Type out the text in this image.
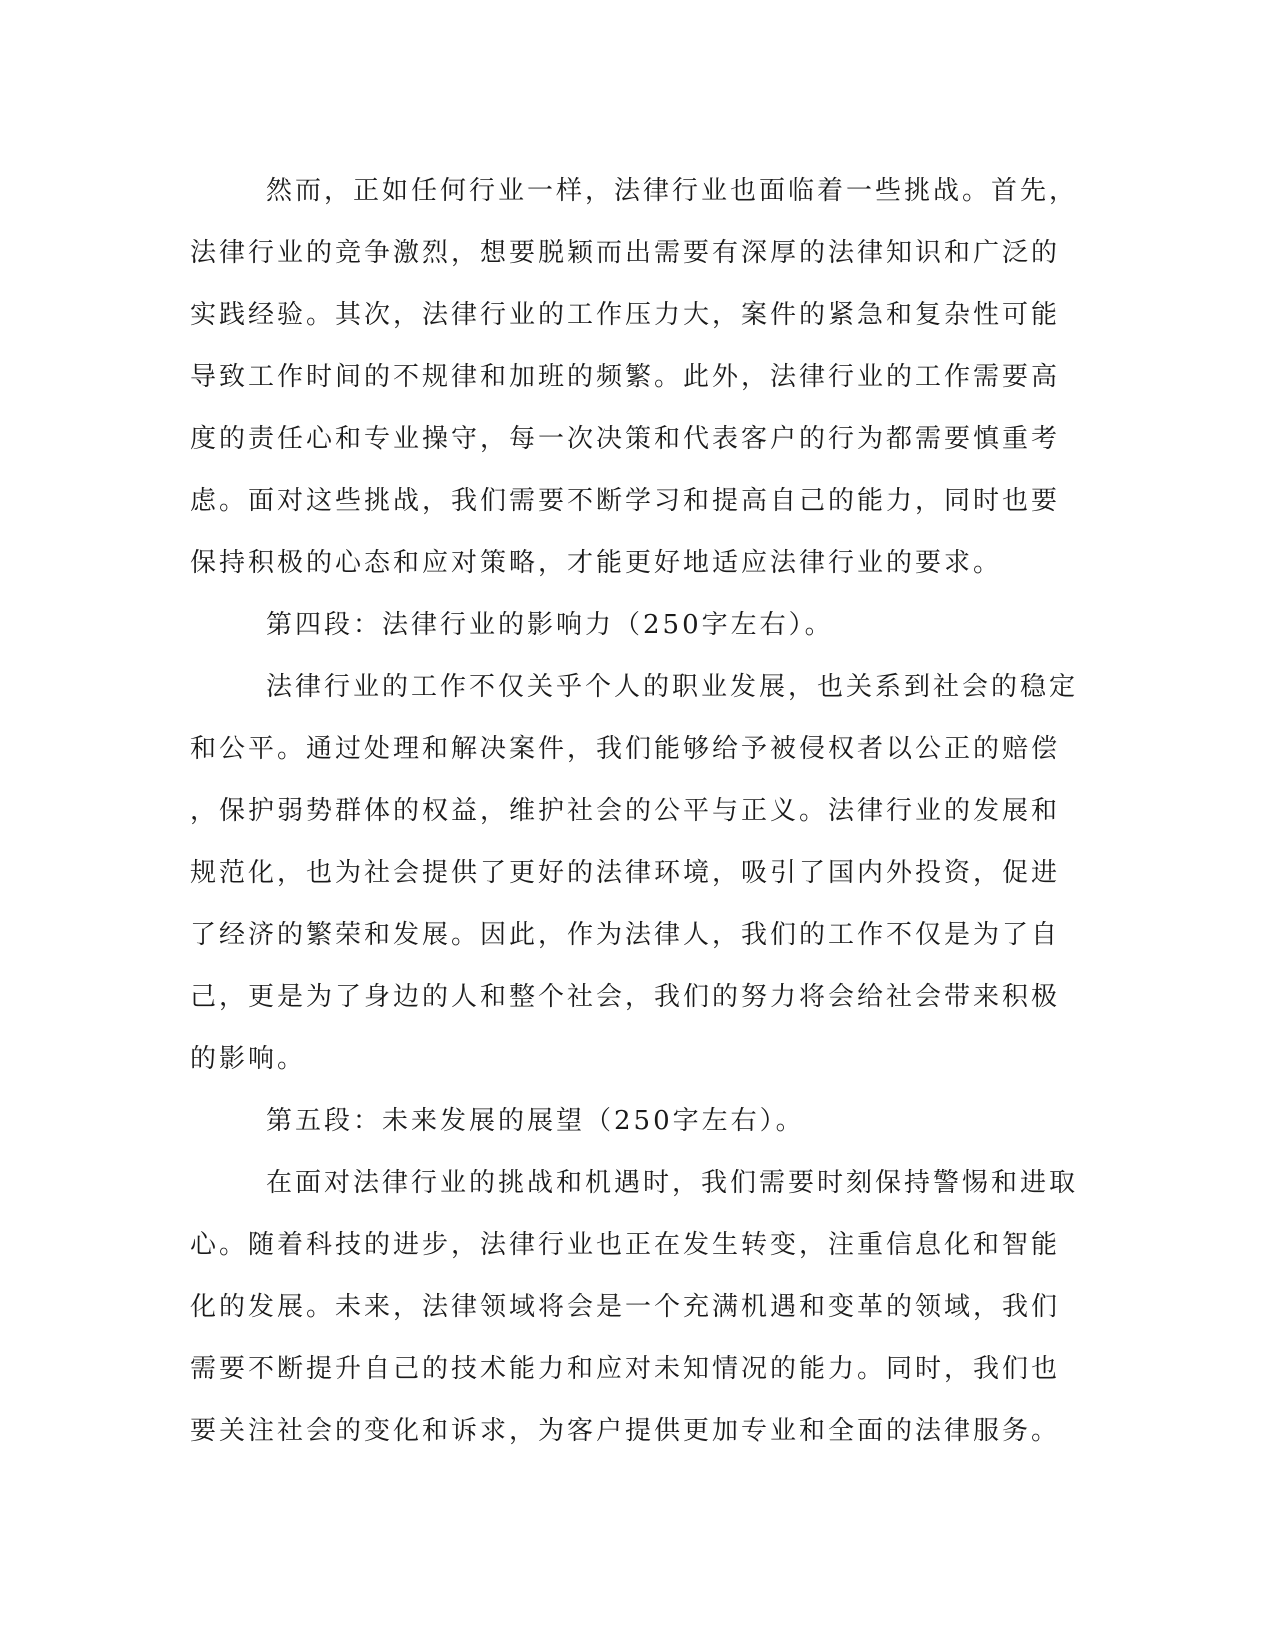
然而，正如任何行业一样，法律行业也面临着一些挑战。首先，
法律行业的竞争激烈，想要脱颖而出需要有深厚的法律知识和广泛的
实践经验。其次，法律行业的工作压力大，案件的紧急和复杂性可能
导致工作时间的不规律和加班的频繁。此外，法律行业的工作需要高
度的责任心和专业操守，每一次决策和代表客户的行为都需要慎重考
虑。面对这些挑战，我们需要不断学习和提高自己的能力，同时也要
保持积极的心态和应对策略，才能更好地适应法律行业的要求。
第四段：法律行业的影响力（250字左右）。
法律行业的工作不仅关乎个人的职业发展，也关系到社会的稳定
和公平。通过处理和解决案件，我们能够给予被侵权者以公正的赔偿
，保护弱势群体的权益，维护社会的公平与正义。法律行业的发展和
规范化，也为社会提供了更好的法律环境，吸引了国内外投资，促进
了经济的繁荣和发展。因此，作为法律人，我们的工作不仅是为了自
己，更是为了身边的人和整个社会，我们的努力将会给社会带来积极
的影响。
第五段：未来发展的展望（250字左右）。
在面对法律行业的挑战和机遇时，我们需要时刻保持警惕和进取
心。随着科技的进步，法律行业也正在发生转变，注重信息化和智能
化的发展。未来，法律领域将会是一个充满机遇和变革的领域，我们
需要不断提升自己的技术能力和应对未知情况的能力。同时，我们也
要关注社会的变化和诉求，为客户提供更加专业和全面的法律服务。
